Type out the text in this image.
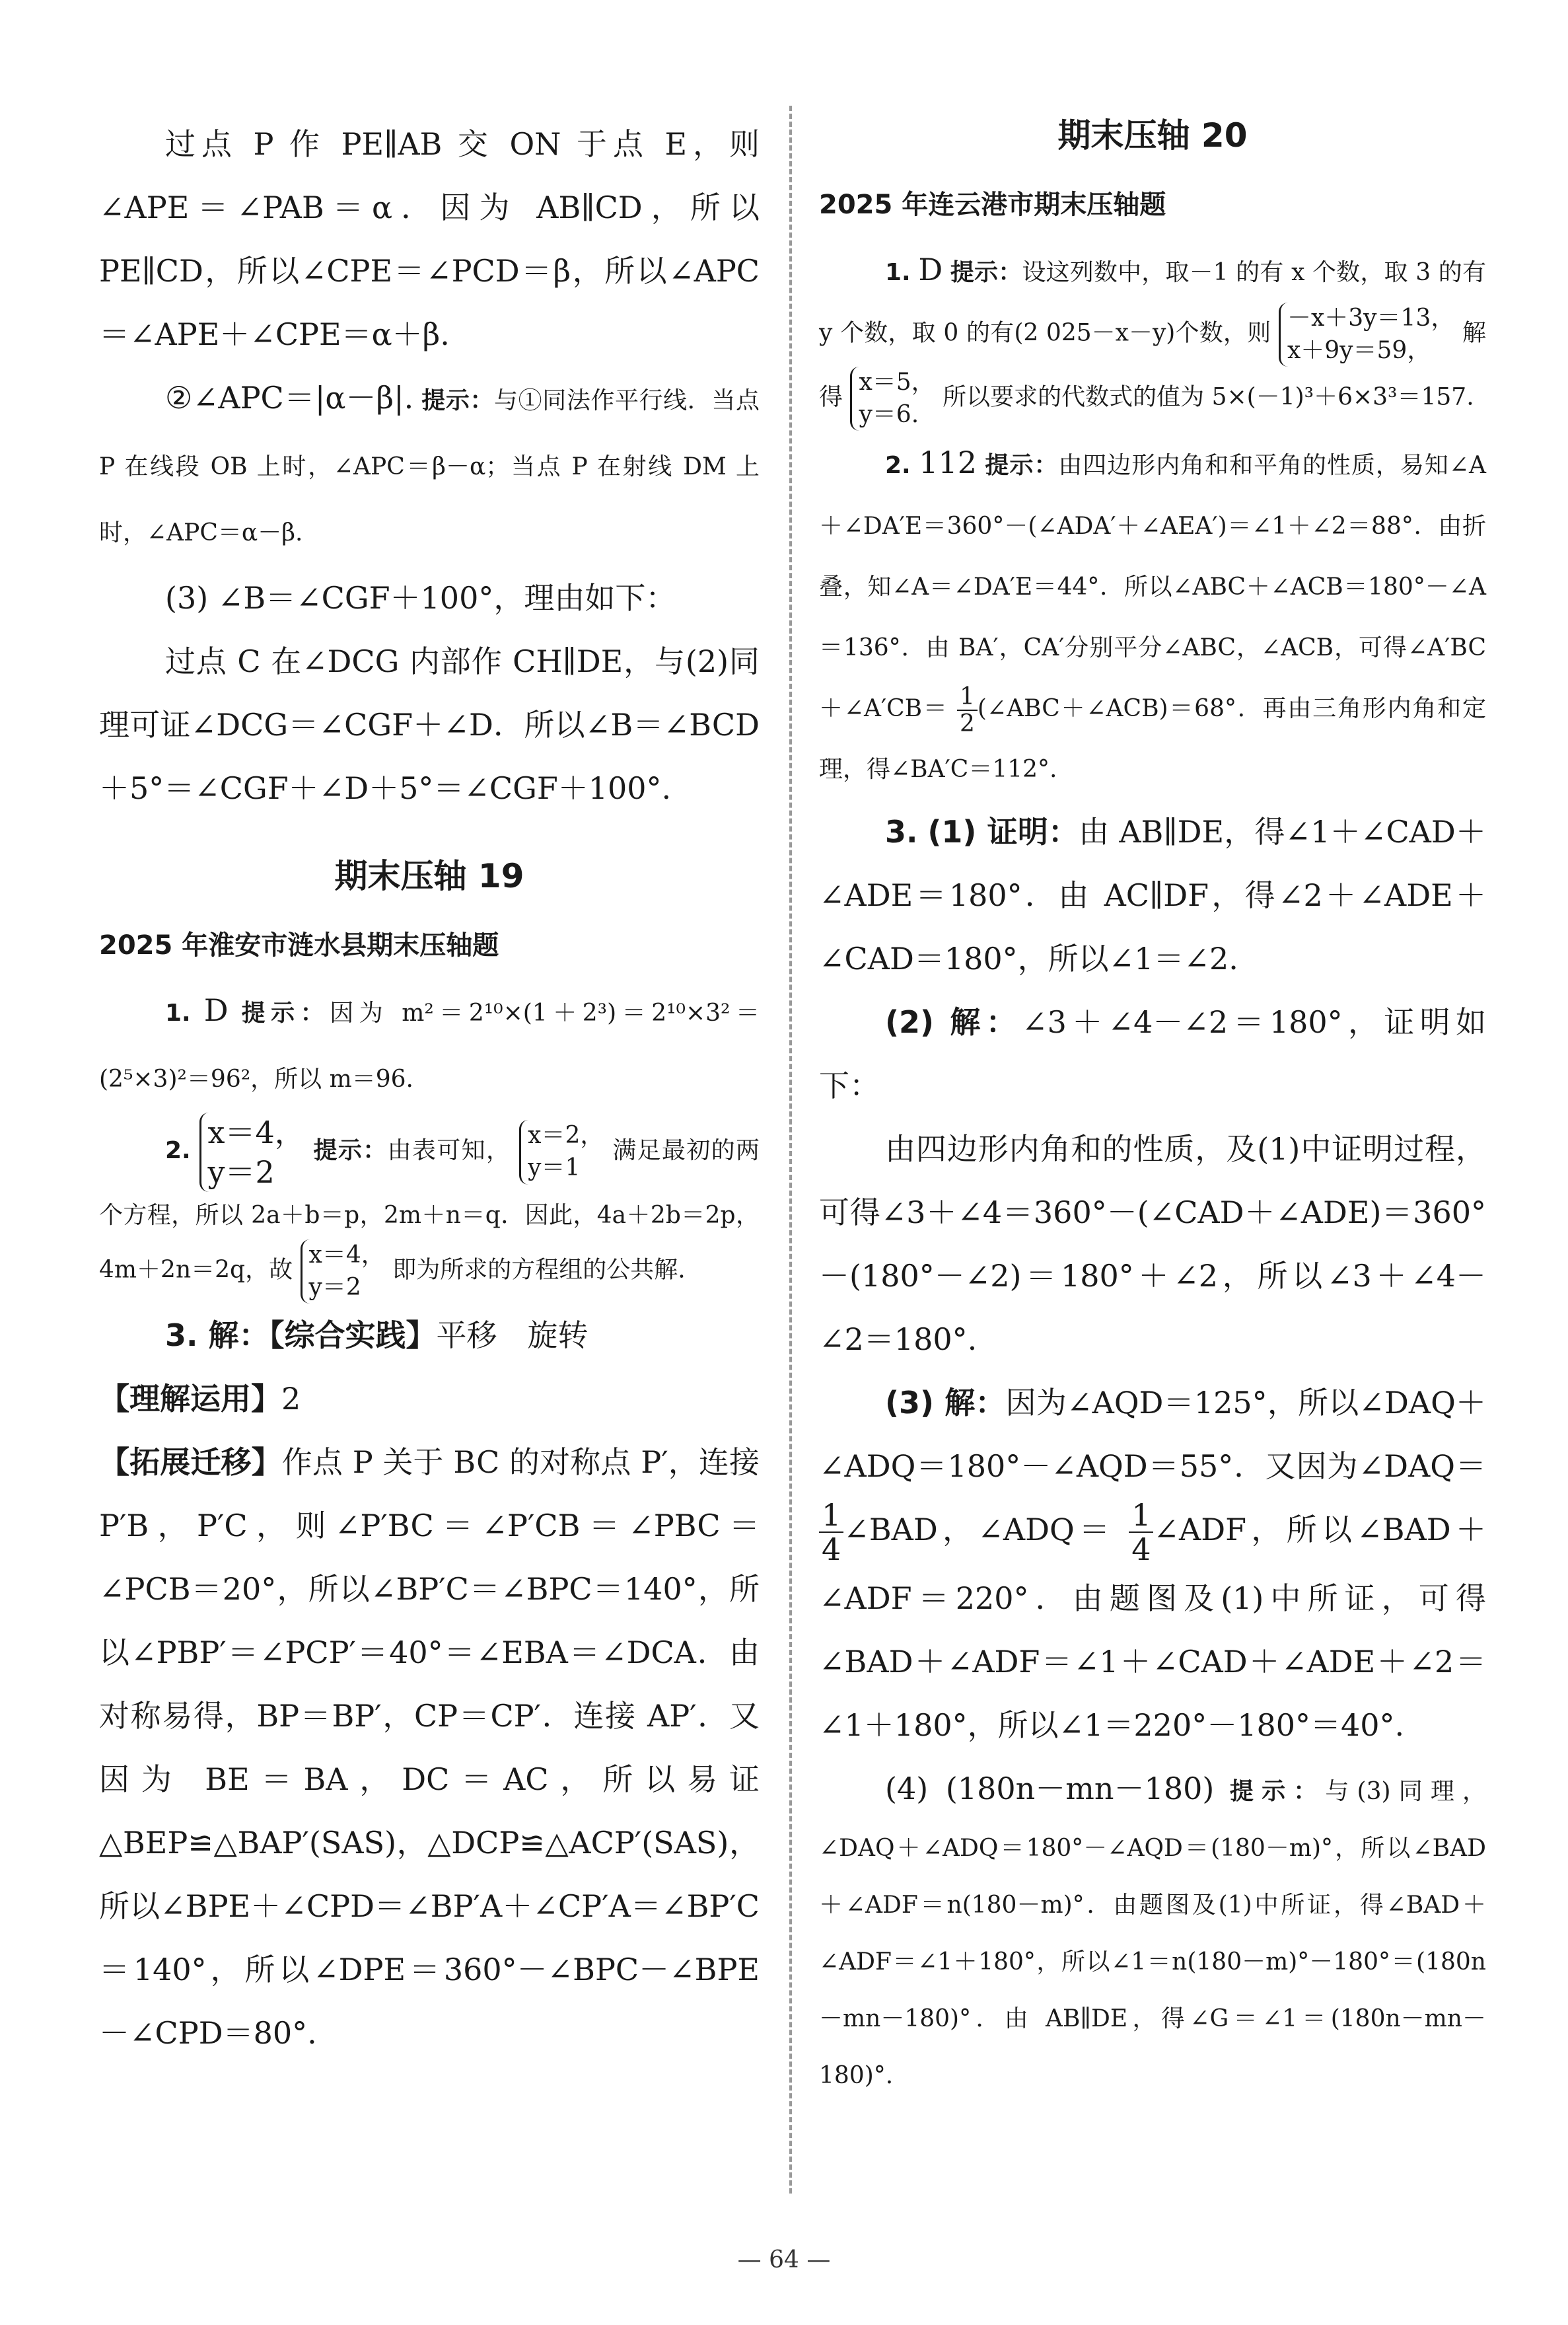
过点 P 作 PE∥AB 交 ON 于点 E，则∠APE＝∠PAB＝α．因为 AB∥CD，所以 PE∥CD，所以∠CPE＝∠PCD＝β，所以∠APC＝∠APE＋∠CPE＝α＋β.

②∠APC＝|α－β|. 提示：与①同法作平行线．当点 P 在线段 OB 上时，∠APC＝β－α；当点 P 在射线 DM 上时，∠APC＝α－β.

(3) ∠B＝∠CGF＋100°，理由如下：

过点 C 在∠DCG 内部作 CH∥DE，与(2)同理可证∠DCG＝∠CGF＋∠D．所以∠B＝∠BCD＋5°＝∠CGF＋∠D＋5°＝∠CGF＋100°.

期末压轴 19

2025 年淮安市涟水县期末压轴题

1. D 提示：因为 m²＝2¹⁰×(1＋2³)＝2¹⁰×3²＝(2⁵×3)²＝96²，所以 m＝96.

2.
x＝4，
y＝2
提示：由表可知，
x＝2，
y＝1
满足最初的两个方程，所以 2a＋b＝p，2m＋n＝q．因此，4a＋2b＝2p，4m＋2n＝2q，故
x＝4，
y＝2
即为所求的方程组的公共解.

3. 解：【综合实践】平移　旋转

【理解运用】2

【拓展迁移】作点 P 关于 BC 的对称点 P′，连接 P′B，P′C，则∠P′BC＝∠P′CB＝∠PBC＝∠PCB＝20°，所以∠BP′C＝∠BPC＝140°，所以∠PBP′＝∠PCP′＝40°＝∠EBA＝∠DCA．由对称易得，BP＝BP′，CP＝CP′．连接 AP′．又因为 BE＝BA，DC＝AC，所以易证△BEP≌△BAP′(SAS)，△DCP≌△ACP′(SAS)，所以∠BPE＋∠CPD＝∠BP′A＋∠CP′A＝∠BP′C＝140°，所以∠DPE＝360°－∠BPC－∠BPE－∠CPD＝80°.

期末压轴 20

2025 年连云港市期末压轴题

1. D 提示：设这列数中，取－1 的有 x 个数，取 3 的有 y 个数，取 0 的有(2 025－x－y)个数，则
－x＋3y＝13，
x＋9y＝59，
解得
x＝5，
y＝6.
所以要求的代数式的值为 5×(－1)³＋6×3³＝157.

2. 112 提示：由四边形内角和和平角的性质，易知∠A＋∠DA′E＝360°－(∠ADA′＋∠AEA′)＝∠1＋∠2＝88°．由折叠，知∠A＝∠DA′E＝44°．所以∠ABC＋∠ACB＝180°－∠A＝136°．由 BA′，CA′分别平分∠ABC，∠ACB，可得∠A′BC＋∠A′CB＝ $\frac{1}{2}$ (∠ABC＋∠ACB)＝68°．再由三角形内角和定理，得∠BA′C＝112°.

3. (1) 证明：由 AB∥DE，得∠1＋∠CAD＋∠ADE＝180°．由 AC∥DF，得∠2＋∠ADE＋∠CAD＝180°，所以∠1＝∠2.

(2) 解：∠3＋∠4－∠2＝180°，证明如下：

由四边形内角和的性质，及(1)中证明过程，可得∠3＋∠4＝360°－(∠CAD＋∠ADE)＝360°－(180°－∠2)＝180°＋∠2，所以∠3＋∠4－∠2＝180°.

(3) 解：因为∠AQD＝125°，所以∠DAQ＋∠ADQ＝180°－∠AQD＝55°．又因为∠DAQ＝
$\frac{1}{4}$ ∠BAD，∠ADQ＝ $\frac{1}{4}$ ∠ADF，所以∠BAD＋∠ADF＝220°．由题图及(1)中所证，可得∠BAD＋∠ADF＝∠1＋∠CAD＋∠ADE＋∠2＝∠1＋180°，所以∠1＝220°－180°＝40°.

(4) (180n－mn－180) 提示：与(3)同理，∠DAQ＋∠ADQ＝180°－∠AQD＝(180－m)°，所以∠BAD＋∠ADF＝n(180－m)°．由题图及(1)中所证，得∠BAD＋∠ADF＝∠1＋180°，所以∠1＝n(180－m)°－180°＝(180n－mn－180)°．由 AB∥DE，得∠G＝∠1＝(180n－mn－180)°.

— 64 —
